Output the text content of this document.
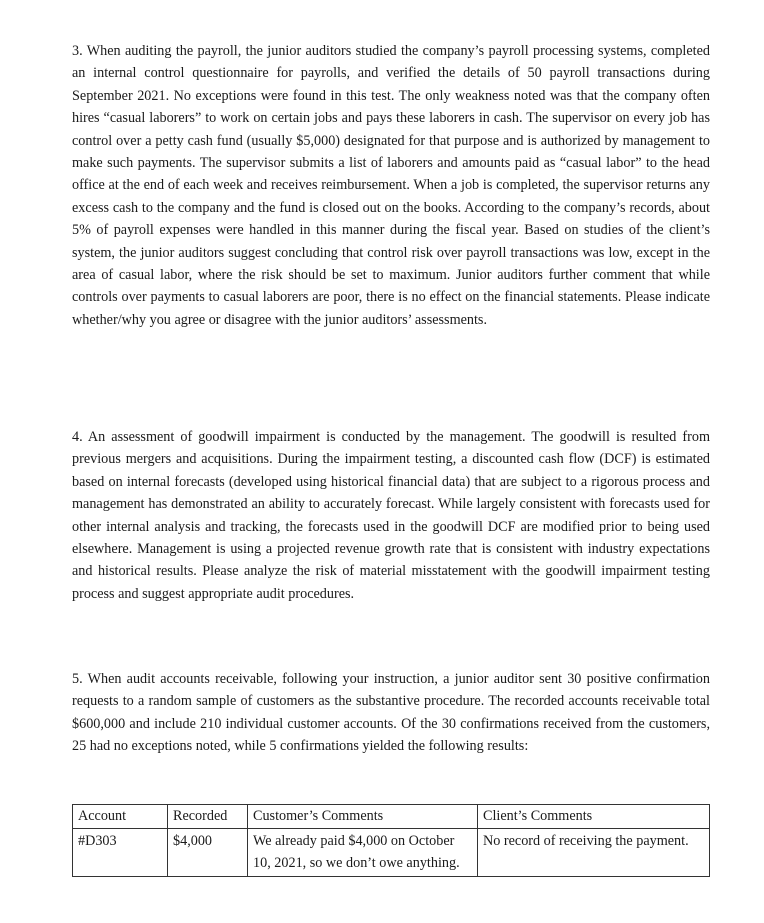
3. When auditing the payroll, the junior auditors studied the company’s payroll processing systems, completed an internal control questionnaire for payrolls, and verified the details of 50 payroll transactions during September 2021. No exceptions were found in this test. The only weakness noted was that the company often hires “casual laborers” to work on certain jobs and pays these laborers in cash. The supervisor on every job has control over a petty cash fund (usually $5,000) designated for that purpose and is authorized by management to make such payments. The supervisor submits a list of laborers and amounts paid as “casual labor” to the head office at the end of each week and receives reimbursement. When a job is completed, the supervisor returns any excess cash to the company and the fund is closed out on the books. According to the company’s records, about 5% of payroll expenses were handled in this manner during the fiscal year. Based on studies of the client’s system, the junior auditors suggest concluding that control risk over payroll transactions was low, except in the area of casual labor, where the risk should be set to maximum. Junior auditors further comment that while controls over payments to casual laborers are poor, there is no effect on the financial statements. Please indicate whether/why you agree or disagree with the junior auditors’ assessments.

4. An assessment of goodwill impairment is conducted by the management. The goodwill is resulted from previous mergers and acquisitions. During the impairment testing, a discounted cash flow (DCF) is estimated based on internal forecasts (developed using historical financial data) that are subject to a rigorous process and management has demonstrated an ability to accurately forecast. While largely consistent with forecasts used for other internal analysis and tracking, the forecasts used in the goodwill DCF are modified prior to being used elsewhere. Management is using a projected revenue growth rate that is consistent with industry expectations and historical results. Please analyze the risk of material misstatement with the goodwill impairment testing process and suggest appropriate audit procedures.

5. When audit accounts receivable, following your instruction, a junior auditor sent 30 positive confirmation requests to a random sample of customers as the substantive procedure. The recorded accounts receivable total $600,000 and include 210 individual customer accounts. Of the 30 confirmations received from the customers, 25 had no exceptions noted, while 5 confirmations yielded the following results:

Account	Recorded	Customer’s Comments	Client’s Comments
#D303	$4,000	We already paid $4,000 on October 10, 2021, so we don’t owe anything.	No record of receiving the payment.
